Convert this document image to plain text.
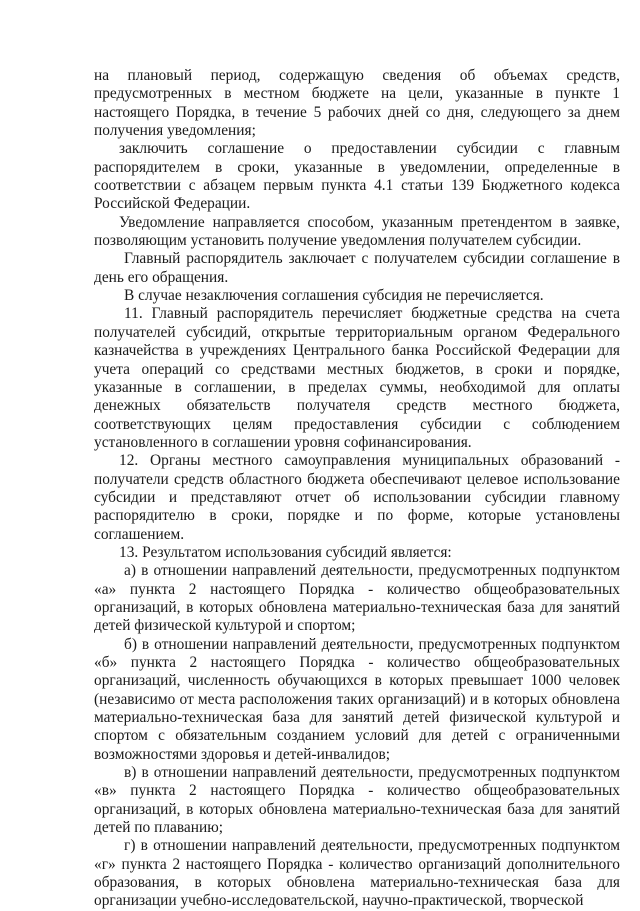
на плановый период, содержащую сведения об объемах средств, предусмотренных в местном бюджете на цели, указанные в пункте 1 настоящего Порядка, в течение 5 рабочих дней со дня, следующего за днем получения уведомления;

заключить соглашение о предоставлении субсидии с главным распорядителем в сроки, указанные в уведомлении, определенные в соответствии с абзацем первым пункта 4.1 статьи 139 Бюджетного кодекса Российской Федерации.

Уведомление направляется способом, указанным претендентом в заявке, позволяющим установить получение уведомления получателем субсидии.

Главный распорядитель заключает с получателем субсидии соглашение в день его обращения.

В случае незаключения соглашения субсидия не перечисляется.

11. Главный распорядитель перечисляет бюджетные средства на счета получателей субсидий, открытые территориальным органом Федерального казначейства в учреждениях Центрального банка Российской Федерации для учета операций со средствами местных бюджетов, в сроки и порядке, указанные в соглашении, в пределах суммы, необходимой для оплаты денежных обязательств получателя средств местного бюджета, соответствующих целям предоставления субсидии с соблюдением установленного в соглашении уровня софинансирования.

12. Органы местного самоуправления муниципальных образований - получатели средств областного бюджета обеспечивают целевое использование субсидии и представляют отчет об использовании субсидии главному распорядителю в сроки, порядке и по форме, которые установлены соглашением.

13. Результатом использования субсидий является:

а) в отношении направлений деятельности, предусмотренных подпунктом «а» пункта 2 настоящего Порядка - количество общеобразовательных организаций, в которых обновлена материально-техническая база для занятий детей физической культурой и спортом;

б) в отношении направлений деятельности, предусмотренных подпунктом «б» пункта 2 настоящего Порядка - количество общеобразовательных организаций, численность обучающихся в которых превышает 1000 человек (независимо от места расположения таких организаций) и в которых обновлена материально-техническая база для занятий детей физической культурой и спортом с обязательным созданием условий для детей с ограниченными возможностями здоровья и детей-инвалидов;

в) в отношении направлений деятельности, предусмотренных подпунктом «в» пункта 2 настоящего Порядка - количество общеобразовательных организаций, в которых обновлена материально-техническая база для занятий детей по плаванию;

г) в отношении направлений деятельности, предусмотренных подпунктом «г» пункта 2 настоящего Порядка - количество организаций дополнительного образования, в которых обновлена материально-техническая база для организации учебно-исследовательской, научно-практической, творческой
